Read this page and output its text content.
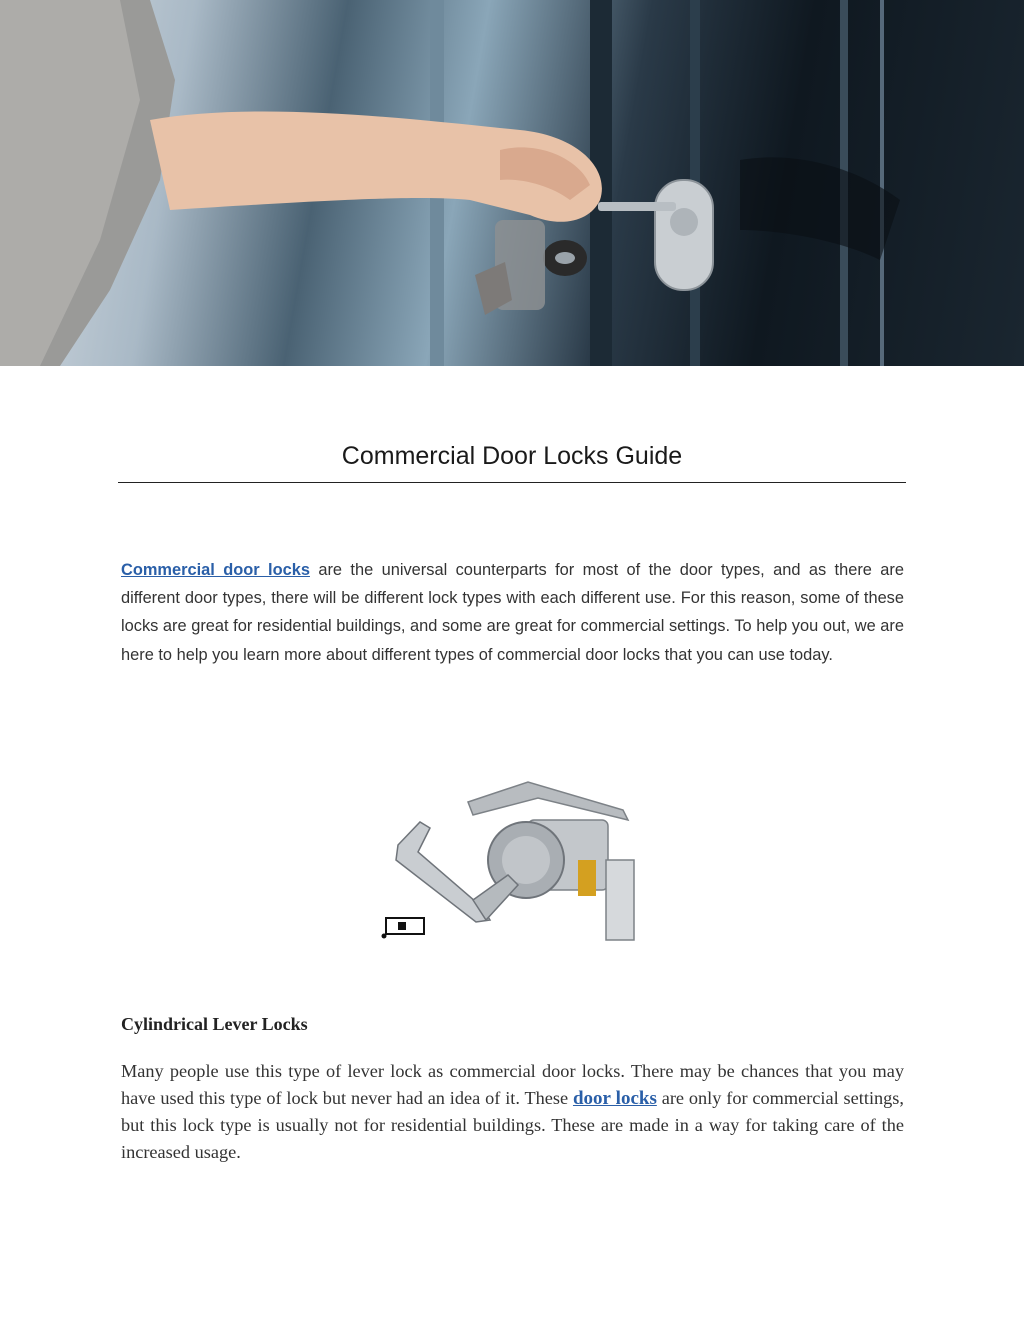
Commercial Door Locks Guide

Commercial door locks are the universal counterparts for most of the door types, and as there are different door types, there will be different lock types with each different use. For this reason, some of these locks are great for residential buildings, and some are great for commercial settings. To help you out, we are here to help you learn more about different types of commercial door locks that you can use today.

Cylindrical Lever Locks

Many people use this type of lever lock as commercial door locks. There may be chances that you may have used this type of lock but never had an idea of it. These door locks are only for commercial settings, but this lock type is usually not for residential buildings. These are made in a way for taking care of the increased usage.
